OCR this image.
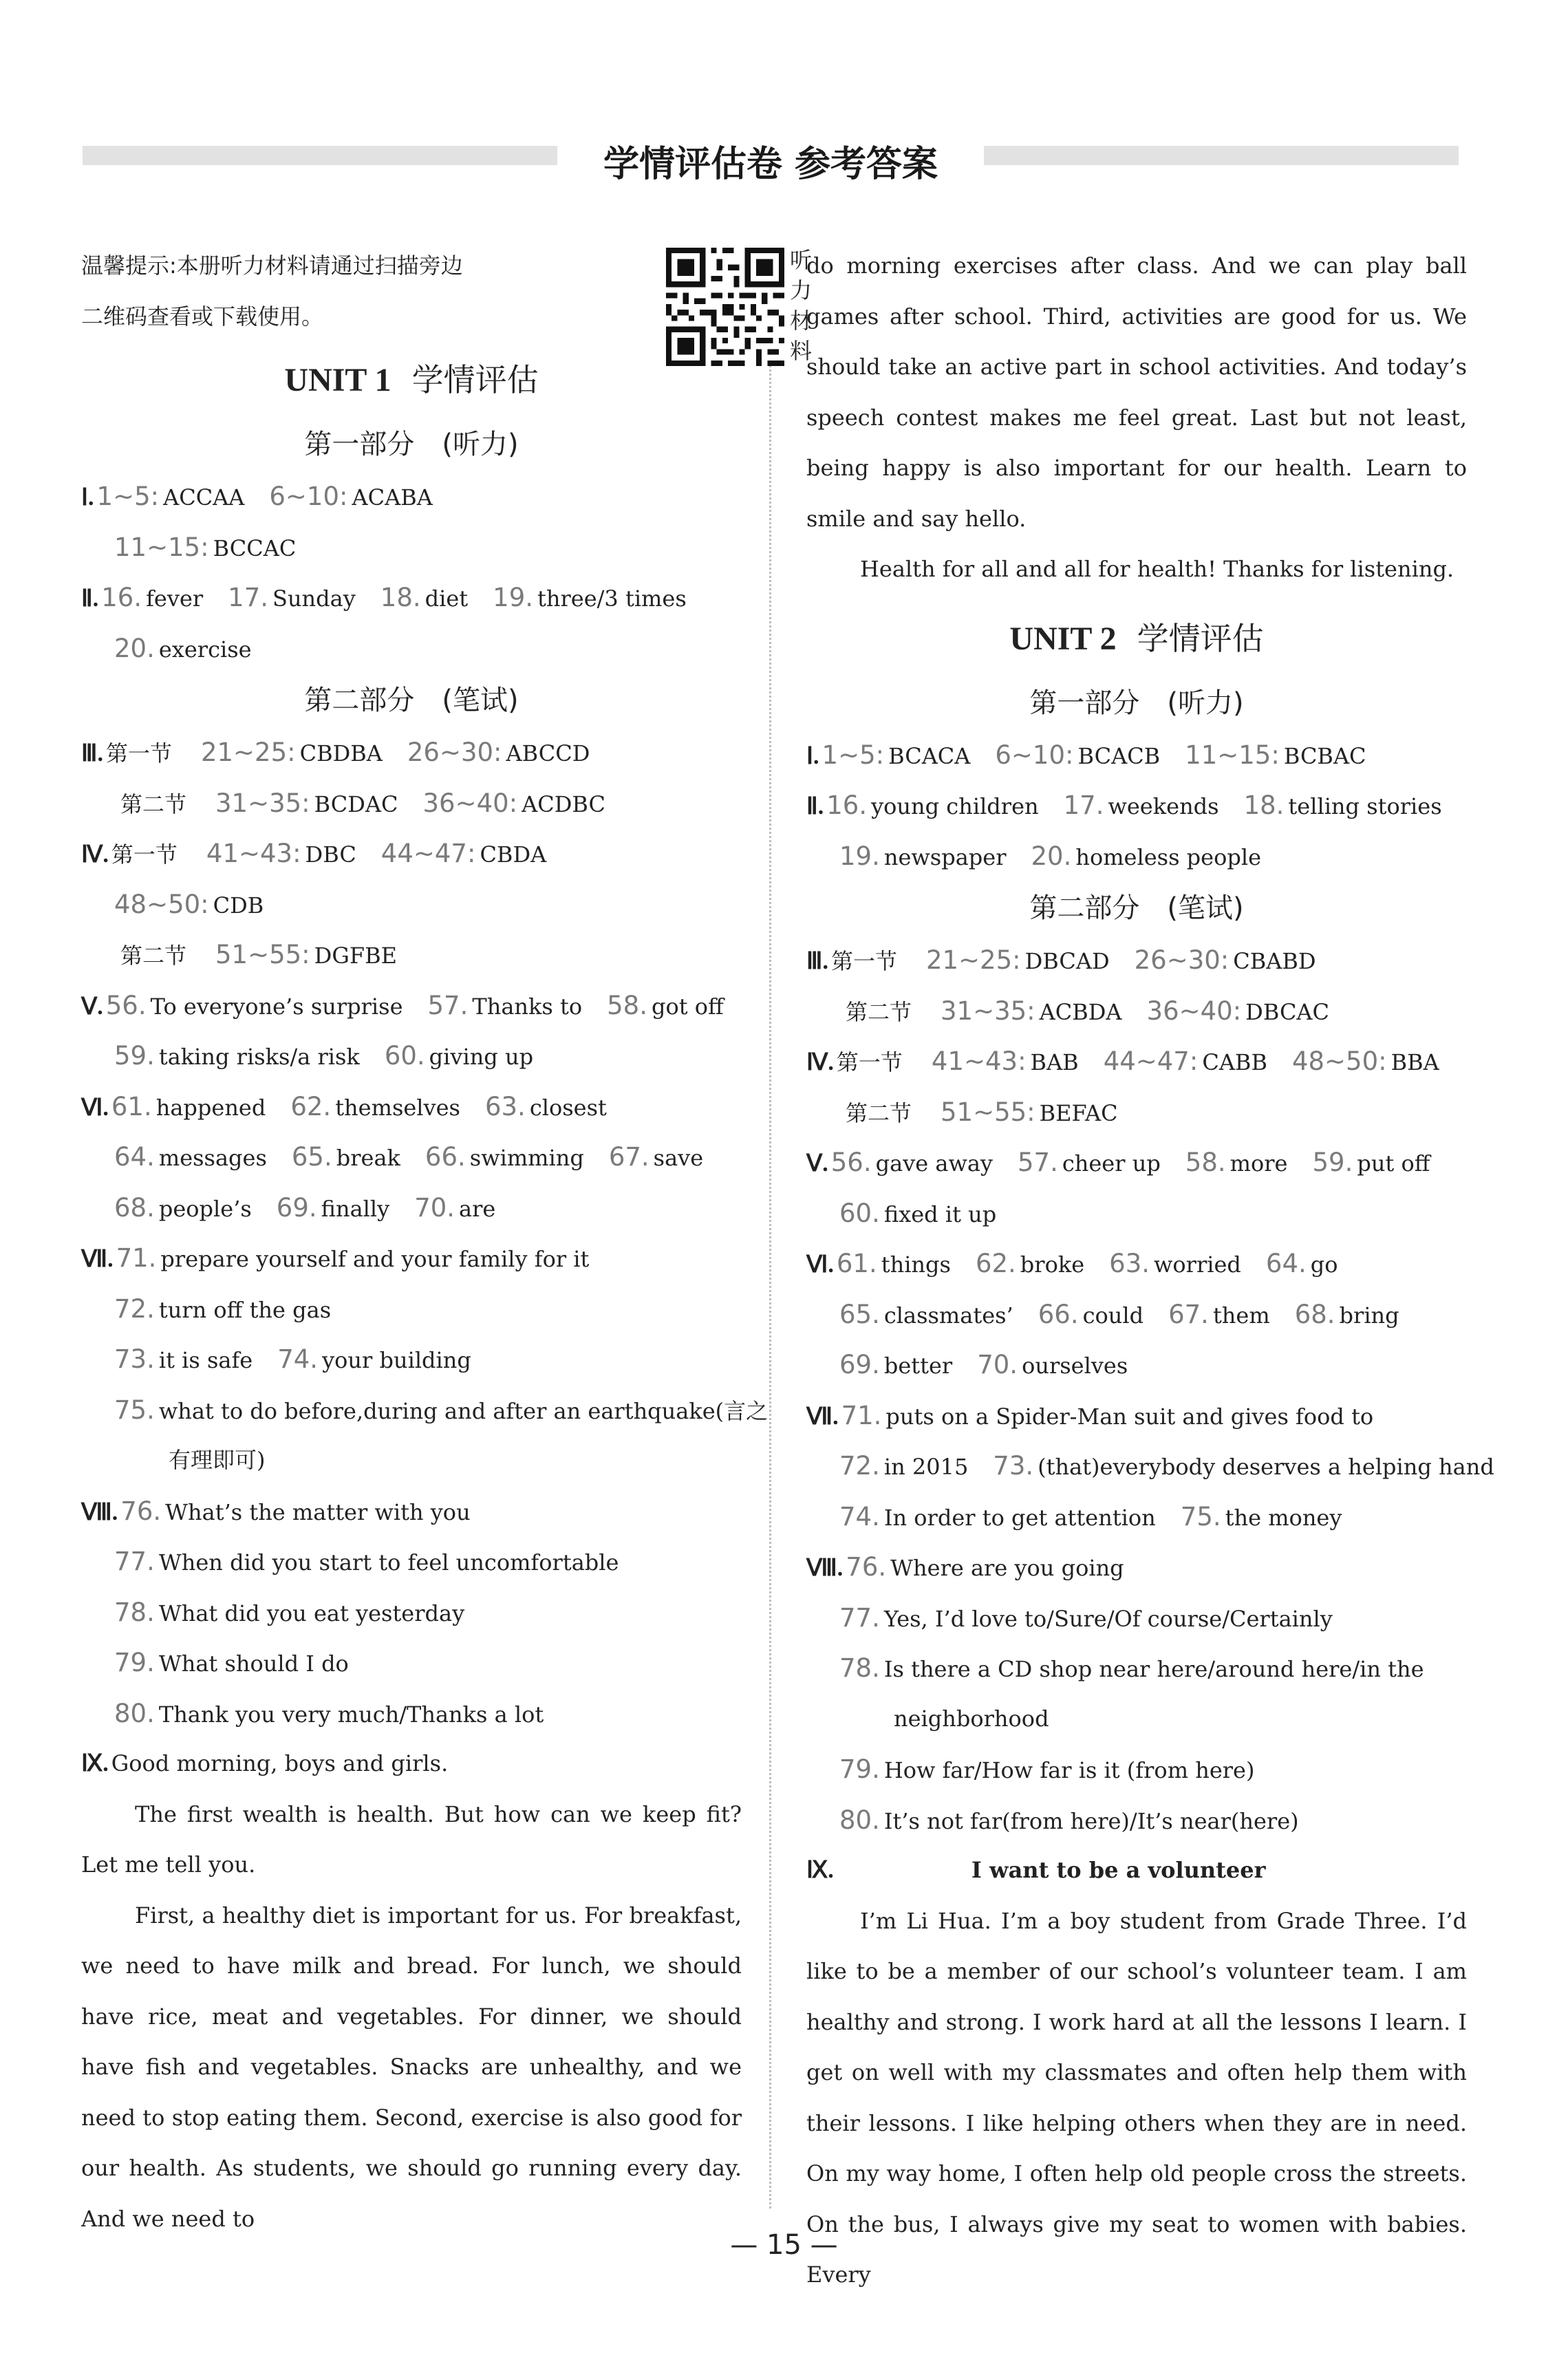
学情评估卷 参考答案
听力材料
温馨提示:本册听力材料请通过扫描旁边
二维码查看或下载使用。
UNIT 1 学情评估
第一部分 (听力)
Ⅰ. 1~5: ACCAA 6~10: ACABA
11~15: BCCAC
Ⅱ. 16. fever 17. Sunday 18. diet 19. three/3 times
20. exercise
第二部分 (笔试)
Ⅲ. 第一节 21~25: CBDBA 26~30: ABCCD
第二节 31~35: BCDAC 36~40: ACDBC
Ⅳ. 第一节 41~43: DBC 44~47: CBDA
48~50: CDB
第二节 51~55: DGFBE
Ⅴ. 56. To everyone’s surprise 57. Thanks to 58. got off
59. taking risks/a risk 60. giving up
Ⅵ. 61. happened 62. themselves 63. closest
64. messages 65. break 66. swimming 67. save
68. people’s 69. finally 70. are
Ⅶ. 71. prepare yourself and your family for it
72. turn off the gas
73. it is safe 74. your building
75. what to do before,during and after an earthquake(言之
有理即可)
Ⅷ. 76. What’s the matter with you
77. When did you start to feel uncomfortable
78. What did you eat yesterday
79. What should I do
80. Thank you very much/Thanks a lot
Ⅸ. Good morning, boys and girls.
The first wealth is health. But how can we keep fit? Let me tell you.
First, a healthy diet is important for us. For breakfast, we need to have milk and bread. For lunch, we should have rice, meat and vegetables. For dinner, we should have fish and vegetables. Snacks are unhealthy, and we need to stop eating them. Second, exercise is also good for our health. As students, we should go running every day. And we need to
do morning exercises after class. And we can play ball games after school. Third, activities are good for us. We should take an active part in school activities. And today’s speech contest makes me feel great. Last but not least, being happy is also important for our health. Learn to smile and say hello.
Health for all and all for health! Thanks for listening.
UNIT 2 学情评估
第一部分 (听力)
Ⅰ. 1~5: BCACA 6~10: BCACB 11~15: BCBAC
Ⅱ. 16. young children 17. weekends 18. telling stories
19. newspaper 20. homeless people
第二部分 (笔试)
Ⅲ. 第一节 21~25: DBCAD 26~30: CBABD
第二节 31~35: ACBDA 36~40: DBCAC
Ⅳ. 第一节 41~43: BAB 44~47: CABB 48~50: BBA
第二节 51~55: BEFAC
Ⅴ. 56. gave away 57. cheer up 58. more 59. put off
60. fixed it up
Ⅵ. 61. things 62. broke 63. worried 64. go
65. classmates’ 66. could 67. them 68. bring
69. better 70. ourselves
Ⅶ. 71. puts on a Spider-Man suit and gives food to
72. in 2015 73. (that)everybody deserves a helping hand
74. In order to get attention 75. the money
Ⅷ. 76. Where are you going
77. Yes, I’d love to/Sure/Of course/Certainly
78. Is there a CD shop near here/around here/in the
neighborhood
79. How far/How far is it (from here)
80. It’s not far(from here)/It’s near(here)
Ⅸ.	I want to be a volunteer
I’m Li Hua. I’m a boy student from Grade Three. I’d like to be a member of our school’s volunteer team. I am healthy and strong. I work hard at all the lessons I learn. I get on well with my classmates and often help them with their lessons. I like helping others when they are in need. On my way home, I often help old people cross the streets. On the bus, I always give my seat to women with babies. Every
— 15 —
